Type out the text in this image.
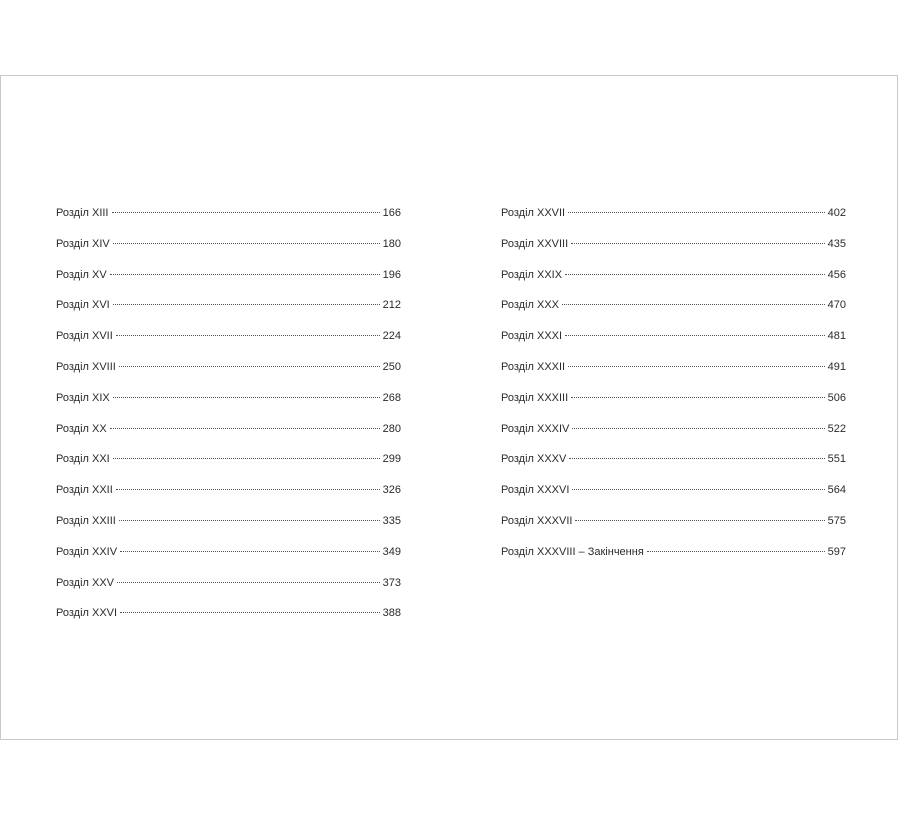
Розділ XIII	166
Розділ XIV	180
Розділ XV	196
Розділ XVI	212
Розділ XVII	224
Розділ XVIII	250
Розділ XIX	268
Розділ XX	280
Розділ XXI	299
Розділ XXII	326
Розділ XXIII	335
Розділ XXIV	349
Розділ XXV	373
Розділ XXVI	388
Розділ XXVII	402
Розділ XXVIII	435
Розділ XXIX	456
Розділ XXX	470
Розділ XXXI	481
Розділ XXXII	491
Розділ XXXIII	506
Розділ XXXIV	522
Розділ XXXV	551
Розділ XXXVI	564
Розділ XXXVII	575
Розділ XXXVIII – Закінчення	597
